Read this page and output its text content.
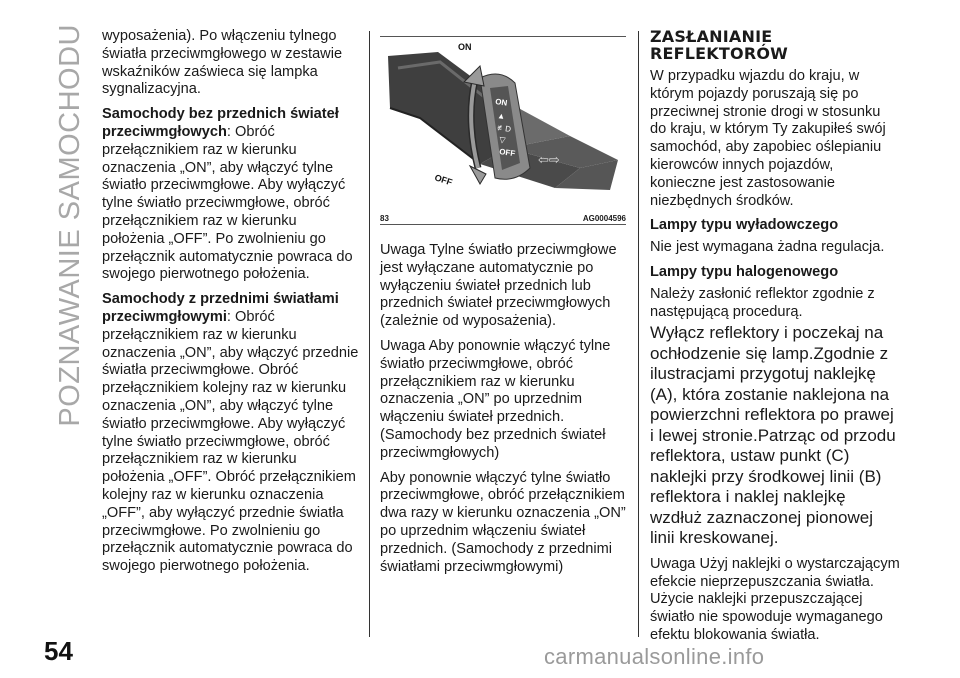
POZNAWANIE SAMOCHODU wyposażenia). Po włączeniu tylnego światła przeciwmgłowego w zestawie wskaźników zaświeca się lampka sygnalizacyjna.

Samochody bez przednich świateł przeciwmgłowych: Obróć przełącznikiem raz w kierunku oznaczenia „ON”, aby włączyć tylne światło przeciwmgłowe. Aby wyłączyć tylne światło przeciwmgłowe, obróć przełącznikiem raz w kierunku położenia „OFF”. Po zwolnieniu go przełącznik automatycznie powraca do swojego pierwotnego położenia.

Samochody z przednimi światłami przeciwmgłowymi: Obróć przełącznikiem raz w kierunku oznaczenia „ON”, aby włączyć przednie światła przeciwmgłowe. Obróć przełącznikiem kolejny raz w kierunku oznaczenia „ON”, aby włączyć tylne światło przeciwmgłowe. Aby wyłączyć tylne światło przeciwmgłowe, obróć przełącznikiem raz w kierunku położenia „OFF”. Obróć przełącznikiem kolejny raz w kierunku oznaczenia „OFF”, aby wyłączyć przednie światła przeciwmgłowe. Po zwolnieniu go przełącznik automatycznie powraca do swojego pierwotnego położenia.

ON
▲
≢D
▽
OFF ⇦⇨
ON
OFF
83	AG0004596

Uwaga Tylne światło przeciwmgłowe jest wyłączane automatycznie po wyłączeniu świateł przednich lub przednich świateł przeciwmgłowych (zależnie od wyposażenia).

Uwaga Aby ponownie włączyć tylne światło przeciwmgłowe, obróć przełącznikiem raz w kierunku oznaczenia „ON” po uprzednim włączeniu świateł przednich. (Samochody bez przednich świateł przeciwmgłowych)

Aby ponownie włączyć tylne światło przeciwmgłowe, obróć przełącznikiem dwa razy w kierunku oznaczenia „ON” po uprzednim włączeniu świateł przednich. (Samochody z przednimi światłami przeciwmgłowymi)

ZASŁANIANIE REFLEKTORÓW

W przypadku wjazdu do kraju, w którym pojazdy poruszają się po przeciwnej stronie drogi w stosunku do kraju, w którym Ty zakupiłeś swój samochód, aby zapobiec oślepianiu kierowców innych pojazdów, konieczne jest zastosowanie niezbędnych środków.

Lampy typu wyładowczego

Nie jest wymagana żadna regulacja.

Lampy typu halogenowego

Należy zasłonić reflektor zgodnie z następującą procedurą.

Wyłącz reflektory i poczekaj na ochłodzenie się lamp.Zgodnie z ilustracjami przygotuj naklejkę (A), która zostanie naklejona na powierzchni reflektora po prawej i lewej stronie.Patrząc od przodu reflektora, ustaw punkt (C) naklejki przy środkowej linii (B) reflektora i naklej naklejkę wzdłuż zaznaczonej pionowej linii kreskowanej.

Uwaga Użyj naklejki o wystarczającym efekcie nieprzepuszczania światła. Użycie naklejki przepuszczającej światło nie spowoduje wymaganego efektu blokowania światła.

54	carmanualsonline.info
